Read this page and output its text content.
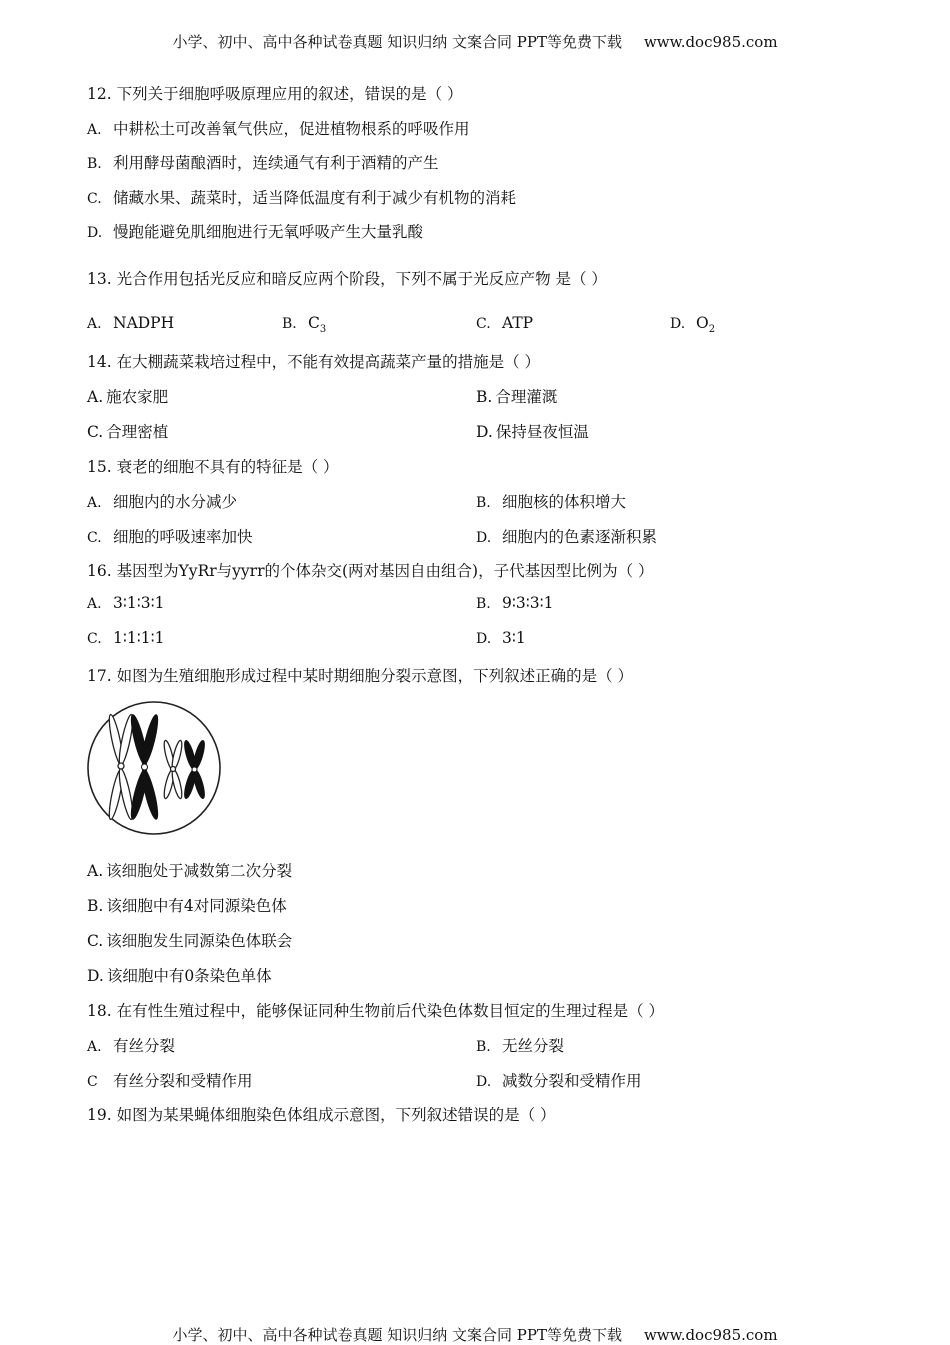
小学、初中、高中各种试卷真题 知识归纳 文案合同 PPT等免费下载 www.doc985.com
12. 下列关于细胞呼吸原理应用的叙述，错误的是（ ）
A. 中耕松土可改善氧气供应，促进植物根系的呼吸作用
B. 利用酵母菌酿酒时，连续通气有利于酒精的产生
C. 储藏水果、蔬菜时，适当降低温度有利于减少有机物的消耗
D. 慢跑能避免肌细胞进行无氧呼吸产生大量乳酸
13. 光合作用包括光反应和暗反应两个阶段，下列不属于光反应产物 是（ ）
A. NADPH	B. $C_3$	C. ATP	D. $O_2$
14. 在大棚蔬菜栽培过程中，不能有效提高蔬菜产量的措施是（ ）
A. 施农家肥	B. 合理灌溉
C. 合理密植	D. 保持昼夜恒温
15. 衰老的细胞不具有的特征是（ ）
A. 细胞内的水分减少	B. 细胞核的体积增大
C. 细胞的呼吸速率加快	D. 细胞内的色素逐渐积累
16. 基因型为YyRr与yyrr的个体杂交(两对基因自由组合)，子代基因型比例为（ ）
A. 3∶1∶3∶1	B. 9∶3∶3∶1
C. 1∶1∶1∶1	D. 3∶1
17. 如图为生殖细胞形成过程中某时期细胞分裂示意图，下列叙述正确的是（ ）
A. 该细胞处于减数第二次分裂
B. 该细胞中有4对同源染色体
C. 该细胞发生同源染色体联会
D. 该细胞中有0条染色单体
18. 在有性生殖过程中，能够保证同种生物前后代染色体数目恒定的生理过程是（ ）
A. 有丝分裂	B. 无丝分裂
C 有丝分裂和受精作用	D. 减数分裂和受精作用
19. 如图为某果蝇体细胞染色体组成示意图，下列叙述错误的是（ ）
小学、初中、高中各种试卷真题 知识归纳 文案合同 PPT等免费下载 www.doc985.com
